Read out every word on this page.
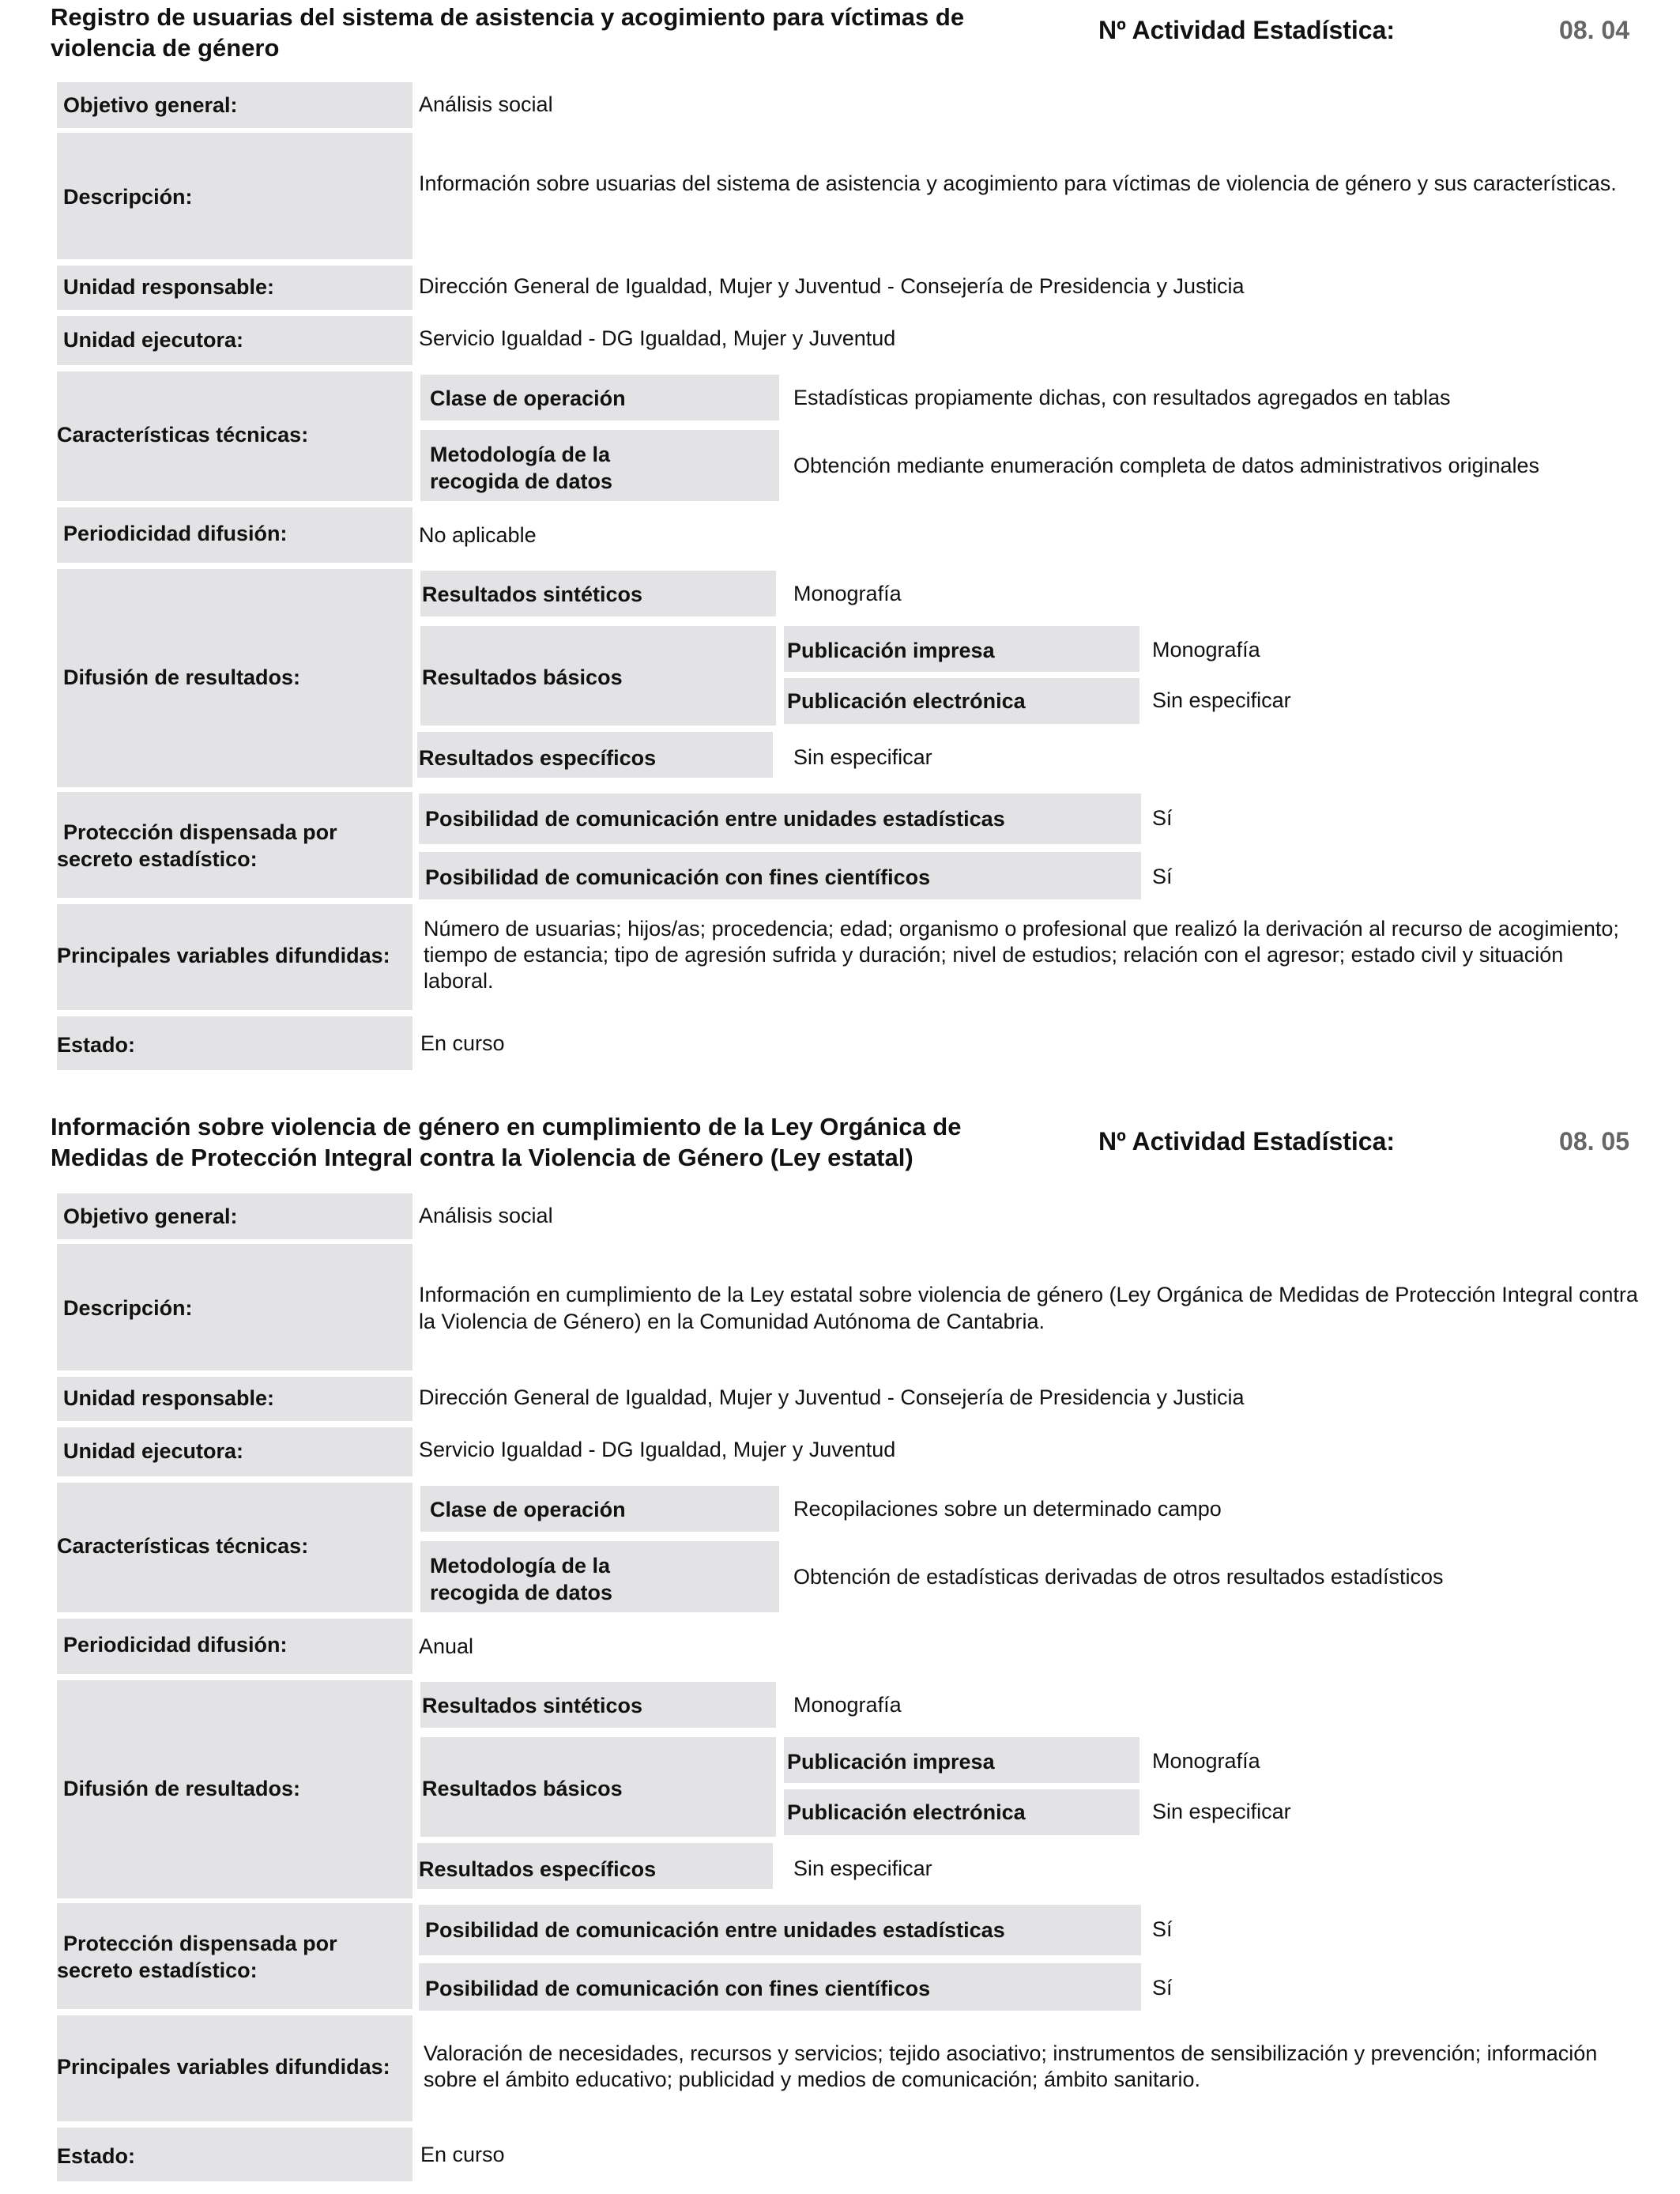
Registro de usuarias del sistema de asistencia y acogimiento para víctimas de violencia de género
Nº Actividad Estadística:	08. 04
Objetivo general:
Descripción:
Unidad responsable:
Unidad ejecutora:
Características técnicas:
Periodicidad difusión:
Difusión de resultados:
Protección dispensada por secreto estadístico:
Principales variables difundidas:
Estado:
Clase de operación
Metodología de la recogida de datos
Resultados sintéticos
Resultados básicos
Publicación impresa
Publicación electrónica
Resultados específicos
Posibilidad de comunicación entre unidades estadísticas
Posibilidad de comunicación con fines científicos
Análisis social
Información sobre usuarias del sistema de asistencia y acogimiento para víctimas de violencia de género y sus características.
Dirección General de Igualdad, Mujer y Juventud - Consejería de Presidencia y Justicia
Servicio Igualdad - DG Igualdad, Mujer y Juventud
Estadísticas propiamente dichas, con resultados agregados en tablas
Obtención mediante enumeración completa de datos administrativos originales
No aplicable
Monografía
Monografía
Sin especificar
Sin especificar
Sí
Sí
Número de usuarias; hijos/as; procedencia; edad; organismo o profesional que realizó la derivación al recurso de acogimiento; tiempo de estancia; tipo de agresión sufrida y duración; nivel de estudios; relación con el agresor; estado civil y situación laboral.
En curso
Información sobre violencia de género en cumplimiento de la Ley Orgánica de Medidas de Protección Integral contra la Violencia de Género (Ley estatal)
Nº Actividad Estadística:	08. 05
Objetivo general:
Descripción:
Unidad responsable:
Unidad ejecutora:
Características técnicas:
Periodicidad difusión:
Difusión de resultados:
Protección dispensada por secreto estadístico:
Principales variables difundidas:
Estado:
Clase de operación
Metodología de la recogida de datos
Resultados sintéticos
Resultados básicos
Publicación impresa
Publicación electrónica
Resultados específicos
Posibilidad de comunicación entre unidades estadísticas
Posibilidad de comunicación con fines científicos
Análisis social
Información en cumplimiento de la Ley estatal sobre violencia de género (Ley Orgánica de Medidas de Protección Integral contra la Violencia de Género) en la Comunidad Autónoma de Cantabria.
Dirección General de Igualdad, Mujer y Juventud - Consejería de Presidencia y Justicia
Servicio Igualdad - DG Igualdad, Mujer y Juventud
Recopilaciones sobre un determinado campo
Obtención de estadísticas derivadas de otros resultados estadísticos
Anual
Monografía
Monografía
Sin especificar
Sin especificar
Sí
Sí
Valoración de necesidades, recursos y servicios; tejido asociativo; instrumentos de sensibilización y prevención; información sobre el ámbito educativo; publicidad y medios de comunicación; ámbito sanitario.
En curso
